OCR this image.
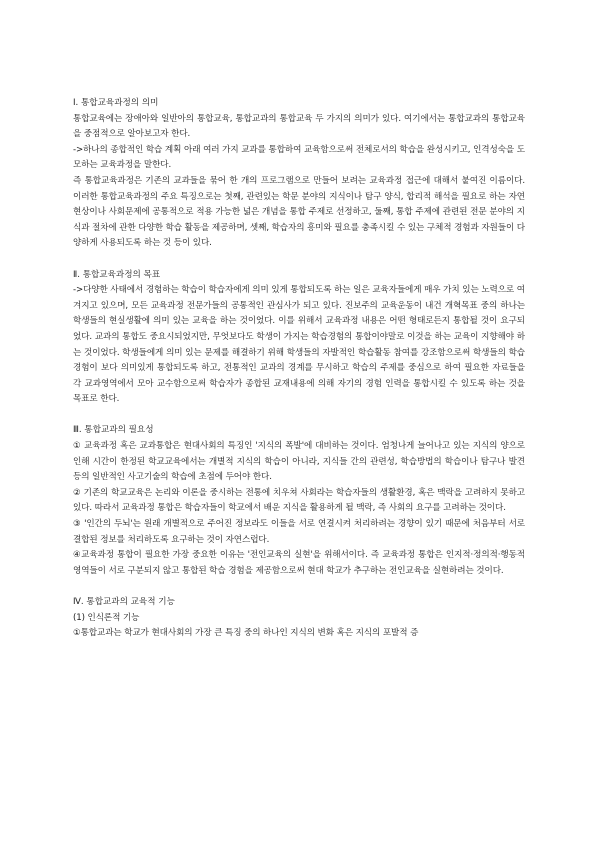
Ⅰ. 통합교육과정의 의미

통합교육에는 장애아와 일반아의 통합교육, 통합교과의 통합교육 두 가지의 의미가 있다. 여기에서는 통합교과의 통합교육을 중점적으로 알아보고자 한다.

->하나의 종합적인 학습 계획 아래 여러 가지 교과를 통합하여 교육함으로써 전체로서의 학습을 완성시키고, 인격성숙을 도모하는 교육과정을 말한다.

즉 통합교육과정은 기존의 교과들을 묶어 한 개의 프로그램으로 만들어 보려는 교육과정 접근에 대해서 붙여진 이름이다. 이러한 통합교육과정의 주요 특징으로는 첫째, 관련있는 학문 분야의 지식이나 탐구 양식, 합리적 해석을 필요로 하는 자연현상이나 사회문제에 공통적으로 적용 가능한 넓은 개념을 통합 주제로 선정하고, 둘째, 통합 주제에 관련된 전문 분야의 지식과 절차에 관한 다양한 학습 활동을 제공하며, 셋째, 학습자의 흥미와 필요를 충족시킬 수 있는 구체적 경험과 자원들이 다양하게 사용되도록 하는 것 등이 있다.

Ⅱ. 통합교육과정의 목표

->다양한 사태에서 경험하는 학습이 학습자에게 의미 있게 통합되도록 하는 일은 교육자들에게 매우 가치 있는 노력으로 여겨지고 있으며, 모든 교육과정 전문가들의 공통적인 관심사가 되고 있다. 진보주의 교육운동이 내건 개혁목표 중의 하나는 학생들의 현실생활에 의미 있는 교육을 하는 것이었다. 이를 위해서 교육과정 내용은 어떤 형태로든지 통합될 것이 요구되었다. 교과의 통합도 중요시되었지만, 무엇보다도 학생이 가지는 학습경험의 통합이야말로 이것을 하는 교육이 지향해야 하는 것이었다. 학생들에게 의미 있는 문제를 해결하기 위해 학생들의 자발적인 학습활동 참여를 강조함으로써 학생들의 학습경험이 보다 의미있게 통합되도록 하고, 전통적인 교과의 경계를 무시하고 학습의 주제를 중심으로 하여 필요한 자료들을 각 교과영역에서 모아 교수함으로써 학습자가 종합된 교재내용에 의해 자기의 경험 인력을 통합시킬 수 있도록 하는 것을 목표로 한다.

Ⅲ. 통합교과의 필요성

① 교육과정 혹은 교과통합은 현대사회의 특징인 '지식의 폭발'에 대비하는 것이다. 엄청나게 늘어나고 있는 지식의 양으로 인해 시간이 한정된 학교교육에서는 개별적 지식의 학습이 아니라, 지식들 간의 관련성, 학습방법의 학습이나 탐구나 발견 등의 일반적인 사고기술의 학습에 초점에 두어야 한다.

② 기존의 학교교육은 논리와 이론을 중시하는 전통에 치우쳐 사회라는 학습자들의 생활환경, 혹은 맥락을 고려하지 못하고 있다. 따라서 교육과정 통합은 학습자들이 학교에서 배운 지식을 활용하게 될 맥락, 즉 사회의 요구를 고려하는 것이다.

③ '인간의 두뇌'는 원래 개별적으로 주어진 정보라도 이들을 서로 연결시켜 처리하려는 경향이 있기 때문에 처음부터 서로 결합된 정보를 처리하도록 요구하는 것이 자연스럽다.

④교육과정 통합이 필요한 가장 중요한 이유는 '전인교육의 실현'을 위해서이다. 즉 교육과정 통합은 인지적·정의적·행동적 영역들이 서로 구분되지 않고 통합된 학습 경험을 제공함으로써 현대 학교가 추구하는 전인교육을 실현하려는 것이다.

Ⅳ. 통합교과의 교육적 기능

(1) 인식론적 기능

①통합교과는 학교가 현대사회의 가장 큰 특징 중의 하나인 지식의 변화 혹은 지식의 포발적 증
